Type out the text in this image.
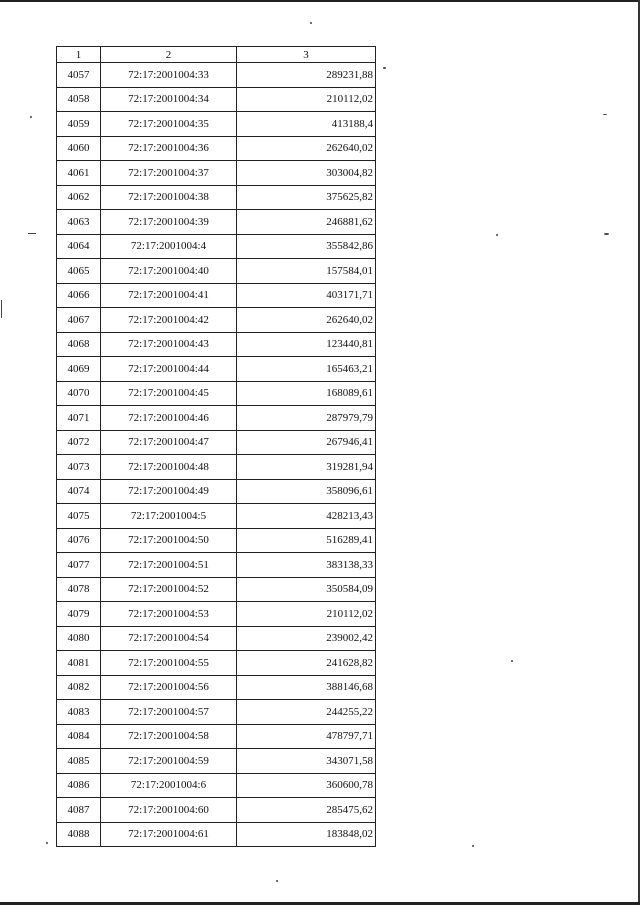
1	2	3
4057	72:17:2001004:33	289231,88
4058	72:17:2001004:34	210112,02
4059	72:17:2001004:35	413188,4
4060	72:17:2001004:36	262640,02
4061	72:17:2001004:37	303004,82
4062	72:17:2001004:38	375625,82
4063	72:17:2001004:39	246881,62
4064	72:17:2001004:4	355842,86
4065	72:17:2001004:40	157584,01
4066	72:17:2001004:41	403171,71
4067	72:17:2001004:42	262640,02
4068	72:17:2001004:43	123440,81
4069	72:17:2001004:44	165463,21
4070	72:17:2001004:45	168089,61
4071	72:17:2001004:46	287979,79
4072	72:17:2001004:47	267946,41
4073	72:17:2001004:48	319281,94
4074	72:17:2001004:49	358096,61
4075	72:17:2001004:5	428213,43
4076	72:17:2001004:50	516289,41
4077	72:17:2001004:51	383138,33
4078	72:17:2001004:52	350584,09
4079	72:17:2001004:53	210112,02
4080	72:17:2001004:54	239002,42
4081	72:17:2001004:55	241628,82
4082	72:17:2001004:56	388146,68
4083	72:17:2001004:57	244255,22
4084	72:17:2001004:58	478797,71
4085	72:17:2001004:59	343071,58
4086	72:17:2001004:6	360600,78
4087	72:17:2001004:60	285475,62
4088	72:17:2001004:61	183848,02
